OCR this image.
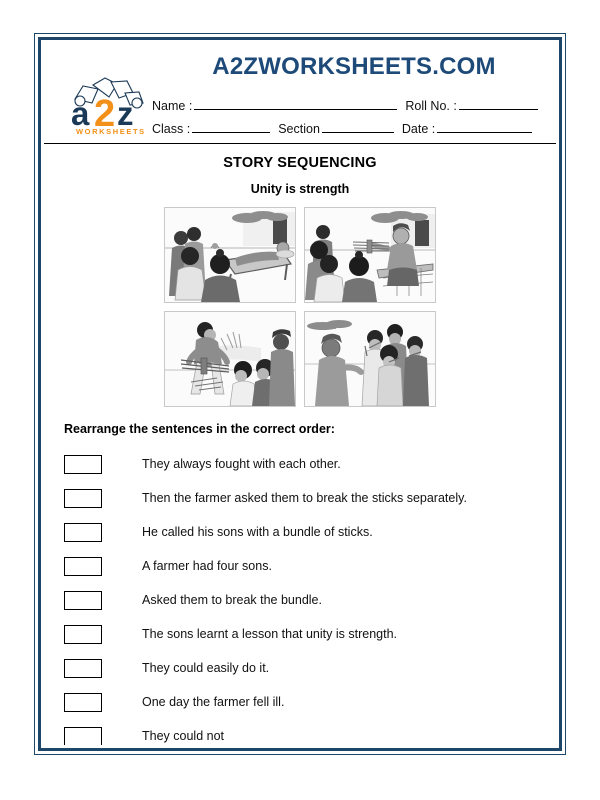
a 2 z
WORKSHEETS
A2ZWORKSHEETS.COM
Name :	Roll No. :
Class :	Section	Date :
STORY SEQUENCING
Unity is strength
Rearrange the sentences in the correct order:
They always fought with each other.
Then the farmer asked them to break the sticks separately.
He called his sons with a bundle of sticks.
A farmer had four sons.
Asked them to break the bundle.
The sons learnt a lesson that unity is strength.
They could easily do it.
One day the farmer fell ill.
They could not
